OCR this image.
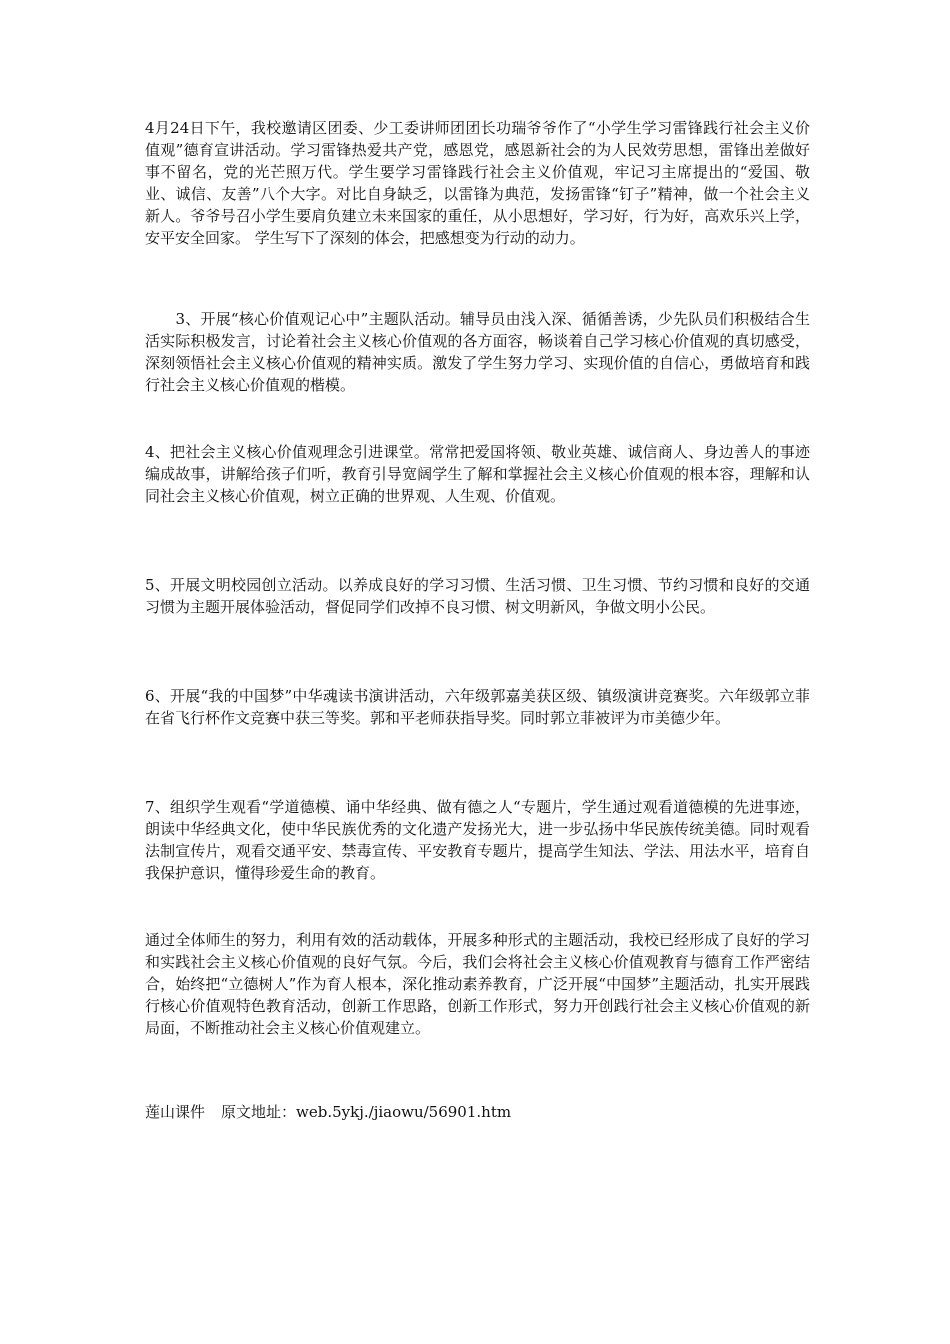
4月24日下午，我校邀请区团委、少工委讲师团团长功瑞爷爷作了“小学生学习雷锋践行社会主义价值观”德育宣讲活动。学习雷锋热爱共产党，感恩党，感恩新社会的为人民效劳思想，雷锋出差做好事不留名，党的光芒照万代。学生要学习雷锋践行社会主义价值观，牢记习主席提出的“爱国、敬业、诚信、友善”八个大字。对比自身缺乏，以雷锋为典范，发扬雷锋“钉子”精神，做一个社会主义新人。爷爷号召小学生要肩负建立未来国家的重任，从小思想好，学习好，行为好，高欢乐兴上学，安平安全回家。 学生写下了深刻的体会，把感想变为行动的动力。

　　3、开展“核心价值观记心中”主题队活动。辅导员由浅入深、循循善诱，少先队员们积极结合生活实际积极发言，讨论着社会主义核心价值观的各方面容，畅谈着自己学习核心价值观的真切感受，深刻领悟社会主义核心价值观的精神实质。激发了学生努力学习、实现价值的自信心，勇做培育和践行社会主义核心价值观的楷模。

4、把社会主义核心价值观理念引进课堂。常常把爱国将领、敬业英雄、诚信商人、身边善人的事迹编成故事，讲解给孩子们听，教育引导宽阔学生了解和掌握社会主义核心价值观的根本容，理解和认同社会主义核心价值观，树立正确的世界观、人生观、价值观。

5、开展文明校园创立活动。以养成良好的学习习惯、生活习惯、卫生习惯、节约习惯和良好的交通习惯为主题开展体验活动，督促同学们改掉不良习惯、树文明新风，争做文明小公民。

6、开展“我的中国梦”中华魂读书演讲活动，六年级郭嘉美获区级、镇级演讲竞赛奖。六年级郭立菲在省飞行杯作文竞赛中获三等奖。郭和平老师获指导奖。同时郭立菲被评为市美德少年。

7、组织学生观看“学道德模、诵中华经典、做有德之人“专题片，学生通过观看道德模的先进事迹，朗读中华经典文化，使中华民族优秀的文化遗产发扬光大，进一步弘扬中华民族传统美德。同时观看法制宣传片，观看交通平安、禁毒宣传、平安教育专题片，提高学生知法、学法、用法水平，培育自我保护意识，懂得珍爱生命的教育。

通过全体师生的努力，利用有效的活动载体，开展多种形式的主题活动，我校已经形成了良好的学习和实践社会主义核心价值观的良好气氛。今后，我们会将社会主义核心价值观教育与德育工作严密结合，始终把“立德树人”作为育人根本，深化推动素养教育，广泛开展“中国梦”主题活动，扎实开展践行核心价值观特色教育活动，创新工作思路，创新工作形式，努力开创践行社会主义核心价值观的新局面，不断推动社会主义核心价值观建立。

莲山课件 原文地址：web.5ykj./jiaowu/56901.htm
